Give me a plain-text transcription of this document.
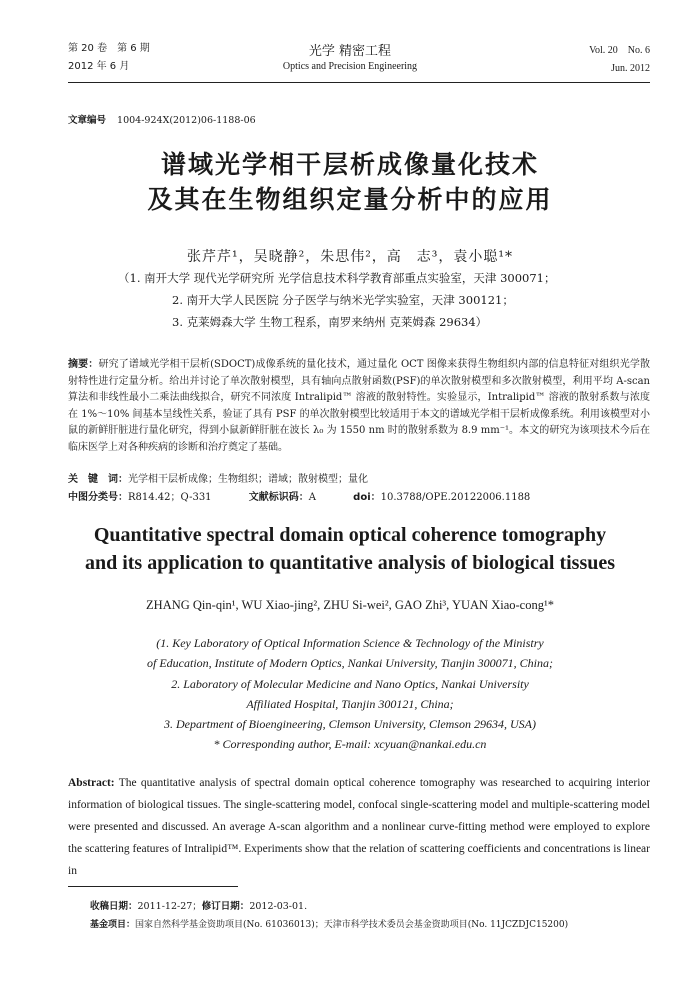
第 20 卷　第 6 期
2012 年 6 月
光学 精密工程
Optics and Precision Engineering
Vol. 20　No. 6
Jun. 2012
文章编号 1004-924X(2012)06-1188-06
谱域光学相干层析成像量化技术
及其在生物组织定量分析中的应用
张芹芹¹，吴晓静²，朱思伟²，高　志³，袁小聪¹*
（1. 南开大学 现代光学研究所 光学信息技术科学教育部重点实验室，天津 300071；
2. 南开大学人民医院 分子医学与纳米光学实验室，天津 300121；
3. 克莱姆森大学 生物工程系，南罗来纳州 克莱姆森 29634）
摘要：研究了谱域光学相干层析(SDOCT)成像系统的量化技术，通过量化 OCT 图像来获得生物组织内部的信息特征对组织光学散射特性进行定量分析。给出并讨论了单次散射模型，具有轴向点散射函数(PSF)的单次散射模型和多次散射模型，利用平均 A-scan 算法和非线性最小二乘法曲线拟合，研究不同浓度 Intralipid™ 溶液的散射特性。实验显示，Intralipid™ 溶液的散射系数与浓度在 1%～10% 间基本呈线性关系，验证了具有 PSF 的单次散射模型比较适用于本文的谱域光学相干层析成像系统。利用该模型对小鼠的新鲜肝脏进行量化研究，得到小鼠新鲜肝脏在波长 λ₀ 为 1550 nm 时的散射系数为 8.9 mm⁻¹。本文的研究为该项技术今后在临床医学上对各种疾病的诊断和治疗奠定了基础。
关　键　词：光学相干层析成像；生物组织；谱域；散射模型；量化
中图分类号：R814.42；Q-331	文献标识码：A	doi：10.3788/OPE.20122006.1188
Quantitative spectral domain optical coherence tomography
and its application to quantitative analysis of biological tissues
ZHANG Qin-qin¹, WU Xiao-jing², ZHU Si-wei², GAO Zhi³, YUAN Xiao-cong¹*
(1. Key Laboratory of Optical Information Science & Technology of the Ministry
of Education, Institute of Modern Optics, Nankai University, Tianjin 300071, China;
2. Laboratory of Molecular Medicine and Nano Optics, Nankai University
Affiliated Hospital, Tianjin 300121, China;
3. Department of Bioengineering, Clemson University, Clemson 29634, USA)
* Corresponding author, E-mail: xcyuan@nankai.edu.cn
Abstract: The quantitative analysis of spectral domain optical coherence tomography was researched to acquiring interior information of biological tissues. The single-scattering model, confocal single-scattering model and multiple-scattering model were presented and discussed. An average A-scan algorithm and a nonlinear curve-fitting method were employed to explore the scattering features of Intralipid™. Experiments show that the relation of scattering coefficients and concentrations is linear in
收稿日期：2011-12-27；修订日期：2012-03-01.
基金项目：国家自然科学基金资助项目(No. 61036013)；天津市科学技术委员会基金资助项目(No. 11JCZDJC15200)
